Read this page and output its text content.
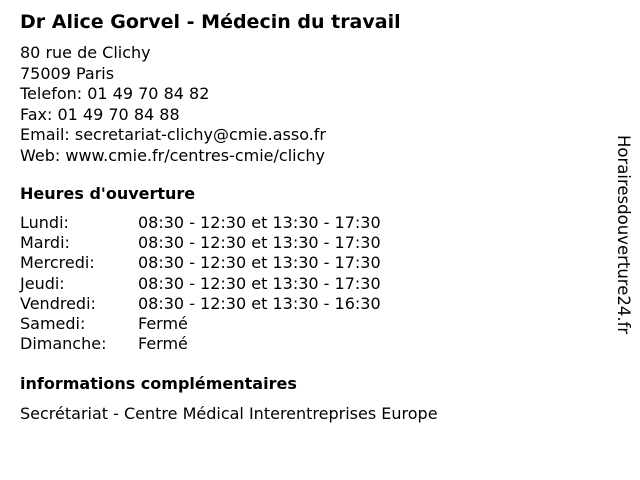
Dr Alice Gorvel - Médecin du travail
80 rue de Clichy
75009 Paris
Telefon: 01 49 70 84 82
Fax: 01 49 70 84 88
Email: secretariat-clichy@cmie.asso.fr
Web: www.cmie.fr/centres-cmie/clichy
Heures d'ouverture
Lundi:	08:30 - 12:30 et 13:30 - 17:30
Mardi:	08:30 - 12:30 et 13:30 - 17:30
Mercredi:	08:30 - 12:30 et 13:30 - 17:30
Jeudi:	08:30 - 12:30 et 13:30 - 17:30
Vendredi:	08:30 - 12:30 et 13:30 - 16:30
Samedi:	Fermé
Dimanche: Fermé
informations complémentaires
Secrétariat - Centre Médical Interentreprises Europe
Horairesdouverture24.fr
